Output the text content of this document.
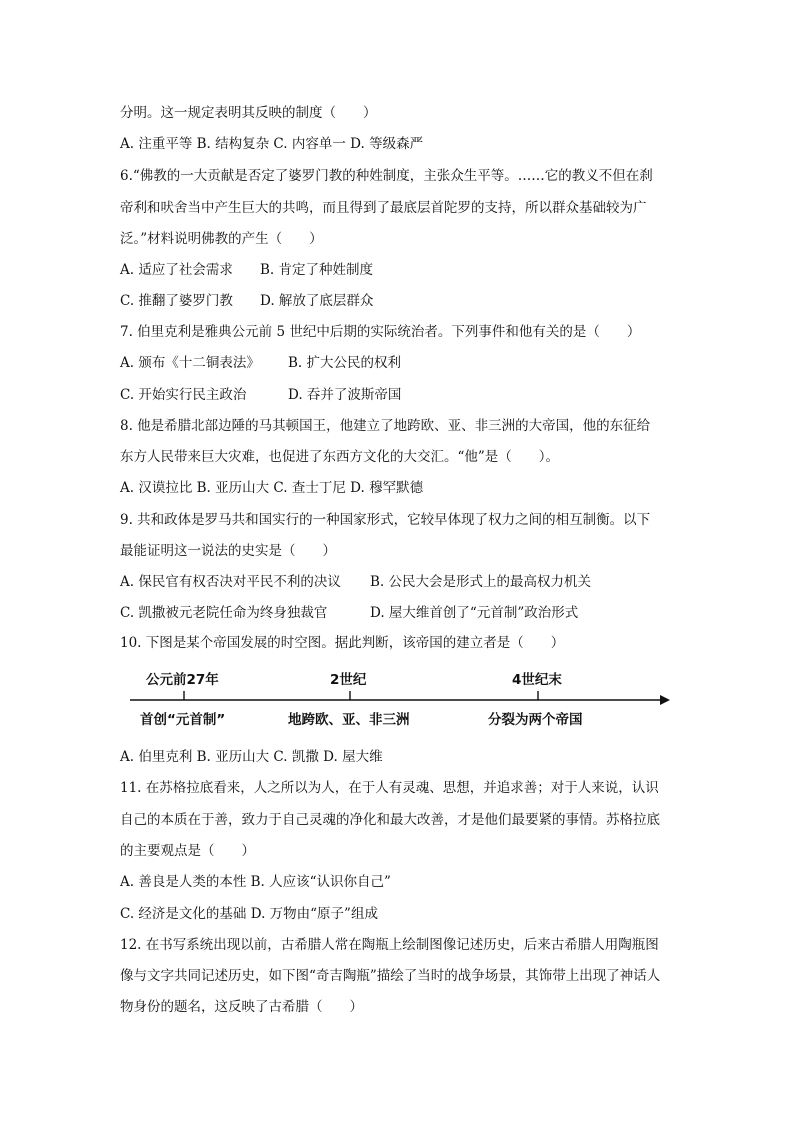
分明。这一规定表明其反映的制度（　　）
A. 注重平等 B. 结构复杂 C. 内容单一 D. 等级森严
6.“佛教的一大贡献是否定了婆罗门教的种姓制度，主张众生平等。……它的教义不但在刹
帝利和吠舍当中产生巨大的共鸣，而且得到了最底层首陀罗的支持，所以群众基础较为广
泛。”材料说明佛教的产生（　　）
A. 适应了社会需求 B. 肯定了种姓制度
C. 推翻了婆罗门教 D. 解放了底层群众
7. 伯里克利是雅典公元前 5 世纪中后期的实际统治者。下列事件和他有关的是（　　）
A. 颁布《十二铜表法》 B. 扩大公民的权利
C. 开始实行民主政治	D. 吞并了波斯帝国
8. 他是希腊北部边陲的马其顿国王，他建立了地跨欧、亚、非三洲的大帝国，他的东征给
东方人民带来巨大灾难，也促进了东西方文化的大交汇。“他”是（　　）。
A. 汉谟拉比 B. 亚历山大 C. 查士丁尼 D. 穆罕默德
9. 共和政体是罗马共和国实行的一种国家形式，它较早体现了权力之间的相互制衡。以下
最能证明这一说法的史实是（　　）
A. 保民官有权否决对平民不利的决议 B. 公民大会是形式上的最高权力机关
C. 凯撒被元老院任命为终身独裁官	D. 屋大维首创了“元首制”政治形式
10. 下图是某个帝国发展的时空图。据此判断，该帝国的建立者是（　　）
公元前27年	2世纪	4世纪末
首创“元首制”	地跨欧、亚、非三洲	分裂为两个帝国
A. 伯里克利 B. 亚历山大 C. 凯撒 D. 屋大维
11. 在苏格拉底看来，人之所以为人，在于人有灵魂、思想，并追求善；对于人来说，认识
自己的本质在于善，致力于自己灵魂的净化和最大改善，才是他们最要紧的事情。苏格拉底
的主要观点是（　　）
A. 善良是人类的本性 B. 人应该“认识你自己”
C. 经济是文化的基础 D. 万物由“原子”组成
12. 在书写系统出现以前，古希腊人常在陶瓶上绘制图像记述历史，后来古希腊人用陶瓶图
像与文字共同记述历史，如下图“奇吉陶瓶”描绘了当时的战争场景，其饰带上出现了神话人
物身份的题名，这反映了古希腊（　　）
